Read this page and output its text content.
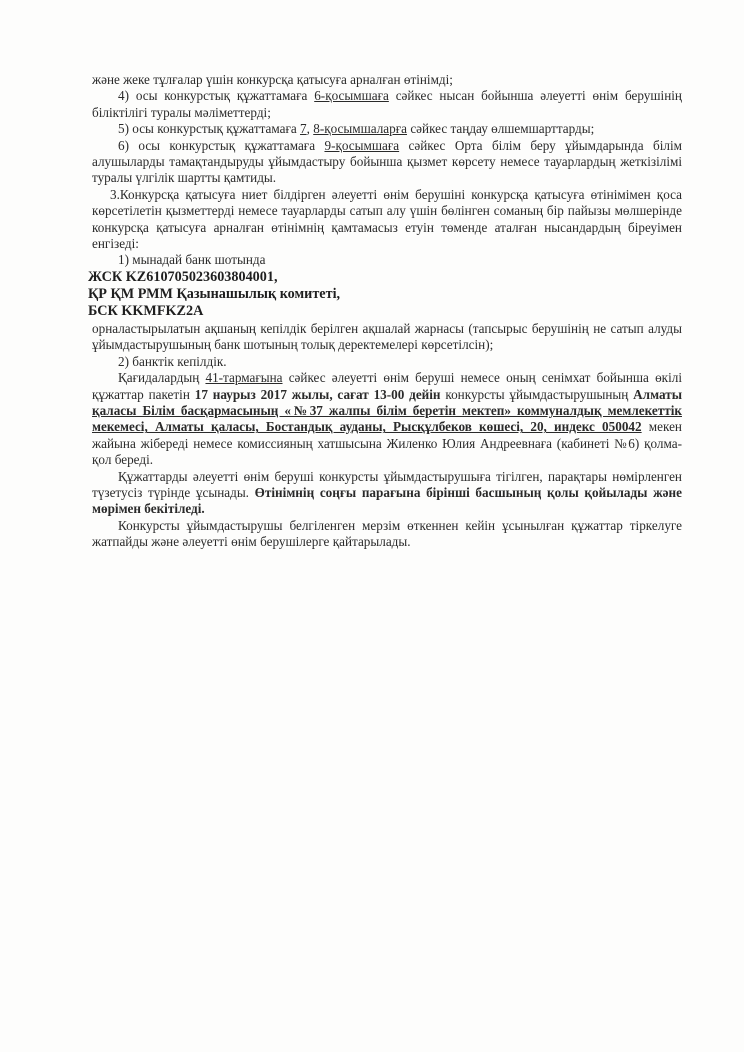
және жеке тұлғалар үшін конкурсқа қатысуға арналған өтінімді;

4) осы конкурстық құжаттамаға 6-қосымшаға сәйкес нысан бойынша әлеуетті өнім берушінің біліктілігі туралы мәліметтерді;

5) осы конкурстық құжаттамаға 7, 8-қосымшаларға сәйкес таңдау өлшемшарттарды;

6) осы конкурстық құжаттамаға 9-қосымшаға сәйкес Орта білім беру ұйымдарында білім алушыларды тамақтандыруды ұйымдастыру бойынша қызмет көрсету немесе тауарлардың жеткізілімі туралы үлгілік шартты қамтиды.

3.Конкурсқа қатысуға ниет білдірген әлеуетті өнім берушіні конкурсқа қатысуға өтінімімен қоса көрсетілетін қызметтерді немесе тауарларды сатып алу үшін бөлінген соманың бір пайызы мөлшерінде конкурсқа қатысуға арналған өтінімнің қамтамасыз етуін төменде аталған нысандардың біреуімен енгізеді:

1) мынадай банк шотында

ЖСК KZ610705023603804001,

ҚР ҚМ РММ Қазынашылық комитеті,

БСК KKMFKZ2A

орналастырылатын ақшаның кепілдік берілген ақшалай жарнасы (тапсырыс берушінің не сатып алуды ұйымдастырушының банк шотының толық деректемелері көрсетілсін);

2) банктік кепілдік.

Қағидалардың 41-тармағына сәйкес әлеуетті өнім беруші немесе оның сенімхат бойынша өкілі құжаттар пакетін 17 наурыз 2017 жылы, сағат 13-00 дейін конкурсты ұйымдастырушының Алматы қаласы Білім басқармасының «№37 жалпы білім беретін мектеп» коммуналдық мемлекеттік мекемесі, Алматы қаласы, Бостандық ауданы, Рысқұлбеков көшесі, 20, индекс 050042 мекен жайына жібереді немесе комиссияның хатшысына Жиленко Юлия Андреевнаға (кабинеті №6) қолма-қол береді.

Құжаттарды әлеуетті өнім беруші конкурсты ұйымдастырушыға тігілген, парақтары нөмірленген түзетусіз түрінде ұсынады. Өтінімнің соңғы парағына бірінші басшының қолы қойылады және мөрімен бекітіледі.

Конкурсты ұйымдастырушы белгіленген мерзім өткеннен кейін ұсынылған құжаттар тіркелуге жатпайды және әлеуетті өнім берушілерге қайтарылады.
